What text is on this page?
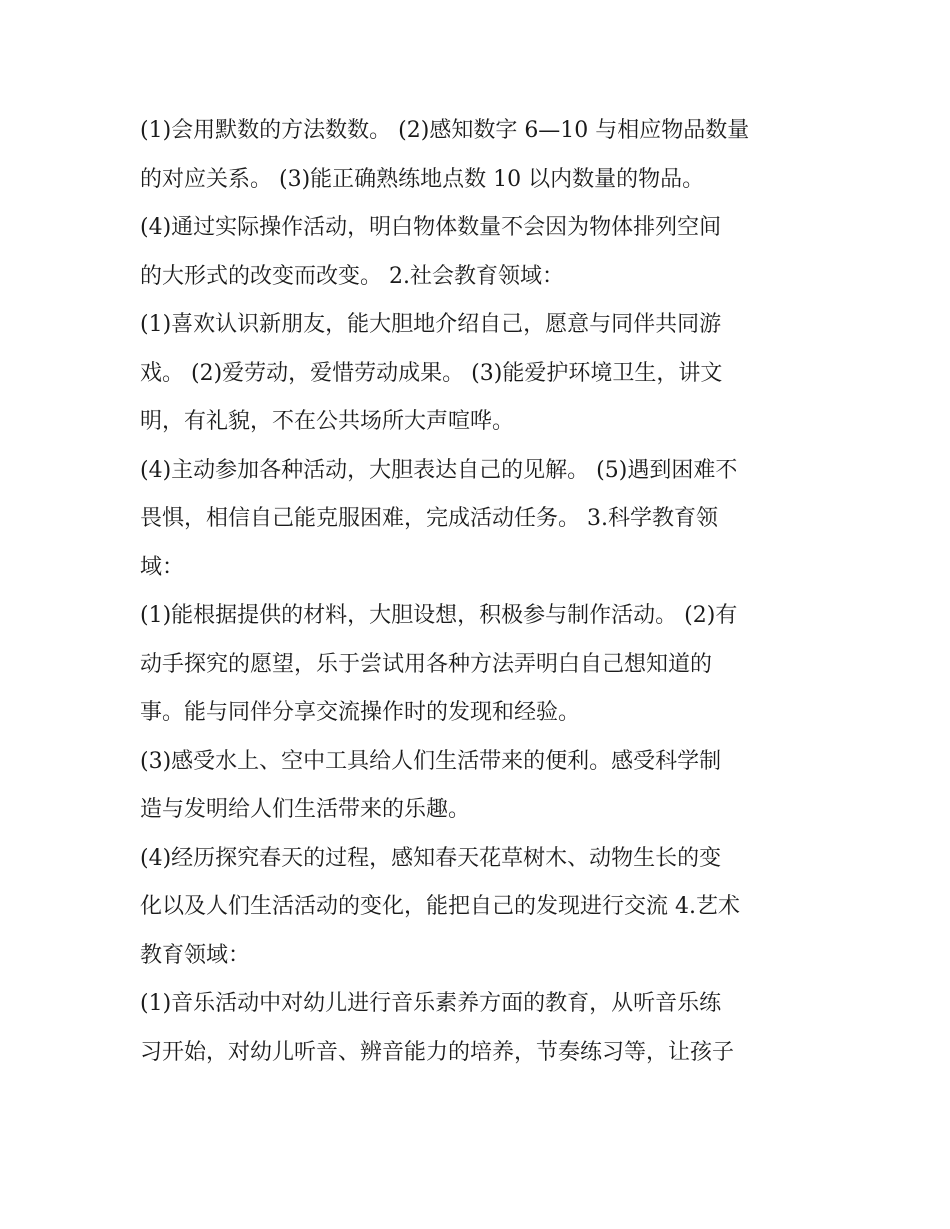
(1)会用默数的方法数数。 (2)感知数字 6—10 与相应物品数量
的对应关系。 (3)能正确熟练地点数 10 以内数量的物品。
(4)通过实际操作活动，明白物体数量不会因为物体排列空间
的大形式的改变而改变。 2.社会教育领域：
(1)喜欢认识新朋友，能大胆地介绍自己，愿意与同伴共同游
戏。 (2)爱劳动，爱惜劳动成果。 (3)能爱护环境卫生，讲文
明，有礼貌，不在公共场所大声喧哗。
(4)主动参加各种活动，大胆表达自己的见解。 (5)遇到困难不
畏惧，相信自己能克服困难，完成活动任务。 3.科学教育领
域：
(1)能根据提供的材料，大胆设想，积极参与制作活动。 (2)有
动手探究的愿望，乐于尝试用各种方法弄明白自己想知道的
事。能与同伴分享交流操作时的发现和经验。
(3)感受水上、空中工具给人们生活带来的便利。感受科学制
造与发明给人们生活带来的乐趣。
(4)经历探究春天的过程，感知春天花草树木、动物生长的变
化以及人们生活活动的变化，能把自己的发现进行交流 4.艺术
教育领域：
(1)音乐活动中对幼儿进行音乐素养方面的教育，从听音乐练
习开始，对幼儿听音、辨音能力的培养，节奏练习等，让孩子
